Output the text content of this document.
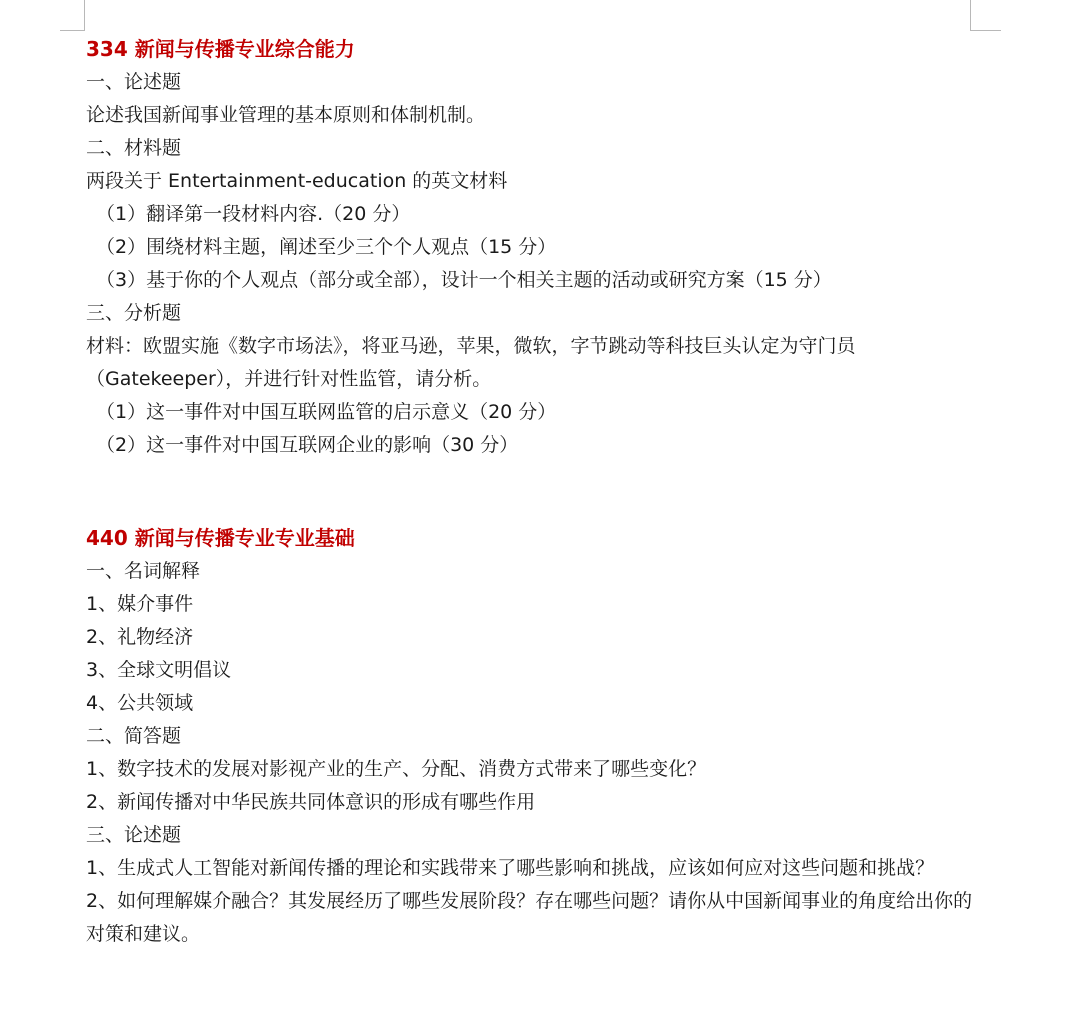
334 新闻与传播专业综合能力
一、论述题
论述我国新闻事业管理的基本原则和体制机制。
二、材料题
两段关于 Entertainment-education 的英文材料
（1）翻译第一段材料内容.（20 分）
（2）围绕材料主题，阐述至少三个个人观点（15 分）
（3）基于你的个人观点（部分或全部），设计一个相关主题的活动或研究方案（15 分）
三、分析题
材料：欧盟实施《数字市场法》，将亚马逊，苹果，微软，字节跳动等科技巨头认定为守门员（Gatekeeper），并进行针对性监管，请分析。
（1）这一事件对中国互联网监管的启示意义（20 分）
（2）这一事件对中国互联网企业的影响（30 分）
440 新闻与传播专业专业基础
一、名词解释
1、媒介事件
2、礼物经济
3、全球文明倡议
4、公共领域
二、简答题
1、数字技术的发展对影视产业的生产、分配、消费方式带来了哪些变化？
2、新闻传播对中华民族共同体意识的形成有哪些作用
三、论述题
1、生成式人工智能对新闻传播的理论和实践带来了哪些影响和挑战，应该如何应对这些问题和挑战？
2、如何理解媒介融合？其发展经历了哪些发展阶段？存在哪些问题？请你从中国新闻事业的角度给出你的对策和建议。
